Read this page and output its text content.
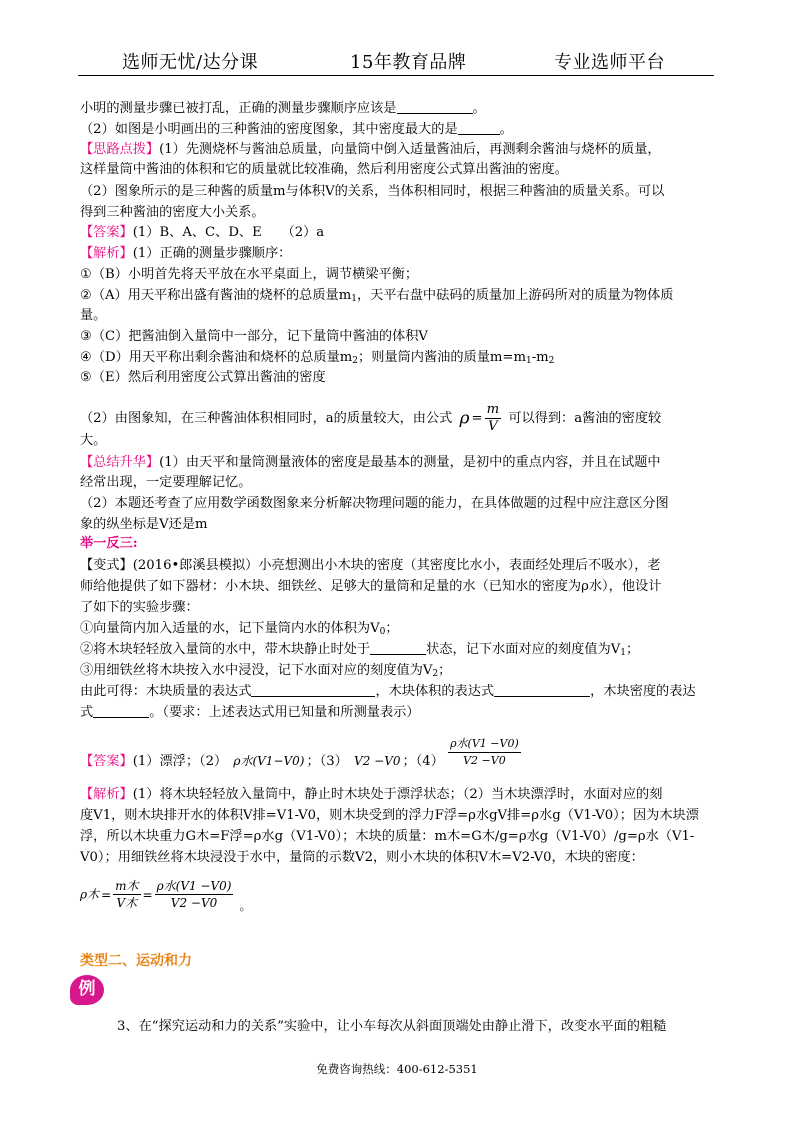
选师无忧/达分课	15年教育品牌	专业选师平台
小明的测量步骤已被打乱，正确的测量步骤顺序应该是	。
（2）如图是小明画出的三种酱油的密度图象，其中密度最大的是	。
【思路点拨】(1）先测烧杯与酱油总质量，向量筒中倒入适量酱油后，再测剩余酱油与烧杯的质量，
这样量筒中酱油的体积和它的质量就比较准确，然后利用密度公式算出酱油的密度。
（2）图象所示的是三种酱的质量m与体积V的关系，当体积相同时，根据三种酱油的质量关系。可以
得到三种酱油的密度大小关系。
【答案】(1）B、A、C、D、E　　（2）a
【解析】(1）正确的测量步骤顺序：
①（B）小明首先将天平放在水平桌面上，调节横梁平衡；
②（A）用天平称出盛有酱油的烧杯的总质量$m_1$，天平右盘中砝码的质量加上游码所对的质量为物体质
量。
③（C）把酱油倒入量筒中一部分，记下量筒中酱油的体积V
④（D）用天平称出剩余酱油和烧杯的总质量$m_2$；则量筒内酱油的质量$m=m_1-m_2$
⑤（E）然后利用密度公式算出酱油的密度
（2）由图象知，在三种酱油体积相同时，a的质量较大，由公式 $\rho = \frac{m}{V}$ 可以得到：a酱油的密度较
大。
【总结升华】(1）由天平和量筒测量液体的密度是最基本的测量，是初中的重点内容，并且在试题中
经常出现，一定要理解记忆。
（2）本题还考查了应用数学函数图象来分析解决物理问题的能力，在具体做题的过程中应注意区分图
象的纵坐标是V还是m
举一反三:
【变式】(2016•郎溪县模拟）小亮想测出小木块的密度（其密度比水小，表面经处理后不吸水），老
师给他提供了如下器材：小木块、细铁丝、足够大的量筒和足量的水（已知水的密度为ρ水），他设计
了如下的实验步骤：
①向量筒内加入适量的水，记下量筒内水的体积为$V_0$；
②将木块轻轻放入量筒的水中，带木块静止时处于	状态，记下水面对应的刻度值为$V_1$；
③用细铁丝将木块按入水中浸没，记下水面对应的刻度值为$V_2$；
由此可得：木块质量的表达式	，木块体积的表达式	，木块密度的表达
式	。（要求：上述表达式用已知量和所测量表示）
【答案】(1）漂浮；（2） ρ水(V1−V0) ；（3） V2 −V0 ；$(4) \frac{\text{ρ水(V1 −V0)}}{V2 -V0}$
【解析】(1）将木块轻轻放入量筒中，静止时木块处于漂浮状态；（2）当木块漂浮时，水面对应的刻
度V1，则木块排开水的体积V排=V1-V0，则木块受到的浮力F浮=ρ水gV排=ρ水g（V1-V0）；因为木块漂
浮，所以木块重力G木=F浮=ρ水g（V1-V0）；木块的质量：m木=G木/g=ρ水g（V1-V0）/g=ρ水（V1-
V0）；用细铁丝将木块浸没于水中，量筒的示数V2，则小木块的体积V木=V2-V0，木块的密度：
ρ木 = $\frac{\text{m木}}{\text{V木}} = \frac{\text{ρ水(V1 −V0)}}{V2 -V0}$ 。
类型二、运动和力
例
3、在“探究运动和力的关系”实验中，让小车每次从斜面顶端处由静止滑下，改变水平面的粗糙
免费咨询热线：400-612-5351
